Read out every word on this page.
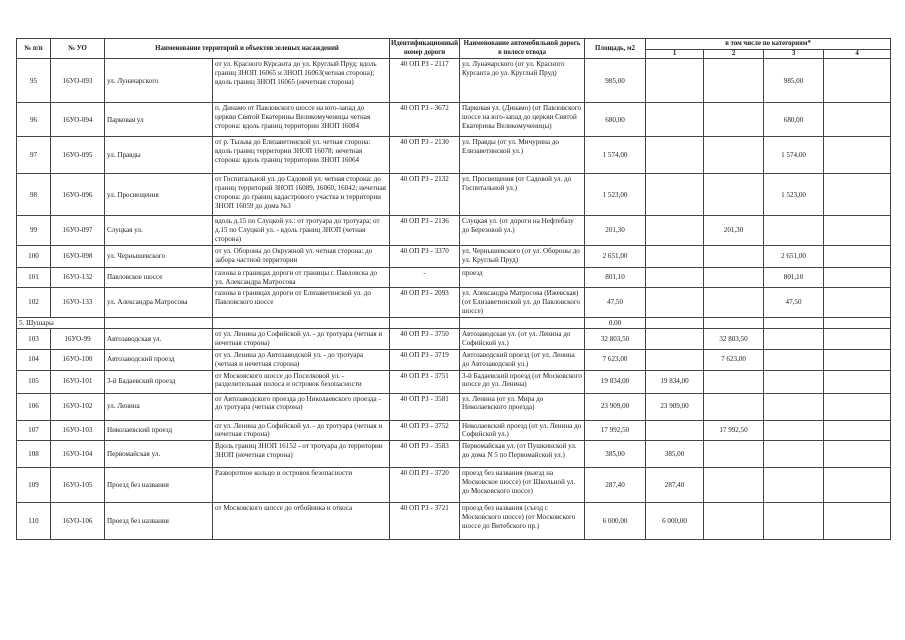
№ п/п	№ УО	Наименование территорий и объектов зеленых насаждений		Идентификационный номер дороги	Наименование автомобильной дорогь в полосе отвода	Площадь, м2	в том числе по категориям*			
							1	2	3	4
95	16УО-093	ул. Луначарского	от ул. Красного Курсанта до ул. Круглый Пруд: вдоль границ ЗНОП 16065 и ЗНОП 16063(четная сторона); вдоль границ ЗНОП 16065 (нечетная сторона)	40 ОП РЗ - 2117	ул. Луначарского (от ул. Красного Курсанта до ул. Круглый Пруд)	985,00			985,00	
96	16УО-094	Парковая ул	п. Динамо от Павловского шоссе на юго-запад до церкви Святой Екатерины Великомученицы четная сторона: вдоль границ территории ЗНОП 16084	40 ОП РЗ - 3672	Парковая ул. (Динамо) (от Павловского шоссе на юго-запад до церкви Святой Екатерины Великомученицы)	680,00			680,00	
97	16УО-095	ул. Правды	от р. Тызьва до Елизаветинской ул. четная сторона: вдоль границ территории ЗНОП 16078; нечетная сторона: вдоль границ территории ЗНОП 16064	40 ОП РЗ - 2130	ул. Правды (от ул. Мичурина до Елизаветинской ул.)	1 574,00			1 574,00	
98	16УО-096	ул. Просвещения	от Госпитальной ул. до Садовой ул. четная сторона: до границ территорий ЗНОП 16089, 16060, 16042; нечетная сторона: до границ кадастрового участка и территории ЗНОП 16059 до дома №3	40 ОП РЗ - 2132	ул. Просвещения (от Садовой ул. до Госпитальной ул.)	1 523,00			1 523,00	
99	16УО-097	Слуцкая ул.	вдоль д.15 по Слуцкой ул.: от тротуара до тротуара; от д.15 по Слуцкой ул. - вдоль границ ЗНОП (четная сторона)	40 ОП РЗ - 2136	Слуцкая ул. (от дороги на Нефтебазу до Березовой ул.)	201,30		201,30		
100	16УО-098	ул. Чернышевского	от ул. Обороны до Окружной ул. четная сторона: до забора частной территории	40 ОП РЗ - 3370	ул. Чернышевского (от ул. Обороны до ул. Круглый Пруд)	2 651,00			2 651,00	
101	16УО-132	Павловское шоссе	газоны в границах дороги от границы г. Павловска до ул. Александра Матросова	-	проезд	801,10			801,10	
102	16УО-133	ул. Александра Матросова	газоны в границах дороги от Елизаветинской ул. до Павловского шоссе	40 ОП РЗ - 2093	ул. Александра Матросова (Ижевская) (от Елизаветинской ул. до Павловского шоссе)	47,50			47,50	
5. Шушары						0,00				
103	16УО-99	Автозаводская ул.	от ул. Ленина до Софийской ул. - до тротуара (четная и нечетная сторона)	40 ОП РЗ - 3750	Автозаводская ул. (от ул. Ленина до Софийской ул.)	32 803,50		32 803,50		
104	16УО-100	Автозаводский проезд	от ул. Ленина до Автозаводской ул. - до тротуара (четная и нечетная сторона)	40 ОП РЗ - 3719	Автозаводский проезд (от ул. Ленина до Автозаводской ул.)	7 623,00		7 623,00		
105	16УО-101	3-й Бадаевский проезд	от Московского шоссе до Поселковой ул. - разделительная полоса и островок безопасности	40 ОП РЗ - 3751	3-й Бадаевский проезд (от Московского шоссе до ул. Ленина)	19 834,00	19 834,00			
106	16УО-102	ул. Ленина	от Автозаводского проезда до Николаевского проезда - до тротуара (четная сторона)	40 ОП РЗ - 3581	ул. Ленина (от ул. Мира до Николаевского проезда)	23 909,00	23 909,00			
107	16УО-103	Николаевский проезд	от ул. Ленина до Софийской ул. - до тротуара (четная и нечетная сторона)	40 ОП РЗ - 3752	Николаевский проезд (от ул. Ленина до Софийской ул.)	17 992,50		17 992,50		
108	16УО-104	Первомайская ул.	Вдоль границ ЗНОП 16152 - от тротуара до территории ЗНОП (нечетная сторона)	40 ОП РЗ - 3583	Первомайская ул. (от Пушкинской ул. до дома N 5 по Первомайской ул.)	385,00	385,00			
109	16УО-105	Проезд без названия	Разворотное кольцо и островок безопасности	40 ОП РЗ - 3720	проезд без названия (выезд на Московское шоссе) (от Школьной ул. до Московского шоссе)	287,40	287,40			
110	16УО-106	Проезд без названия	от Московского шоссе до отбойника и откоса	40 ОП РЗ - 3721	проезд без названия (съезд с Московского шоссе) (от Московского шоссе до Витебского пр.)	6 000,00	6 000,00			
